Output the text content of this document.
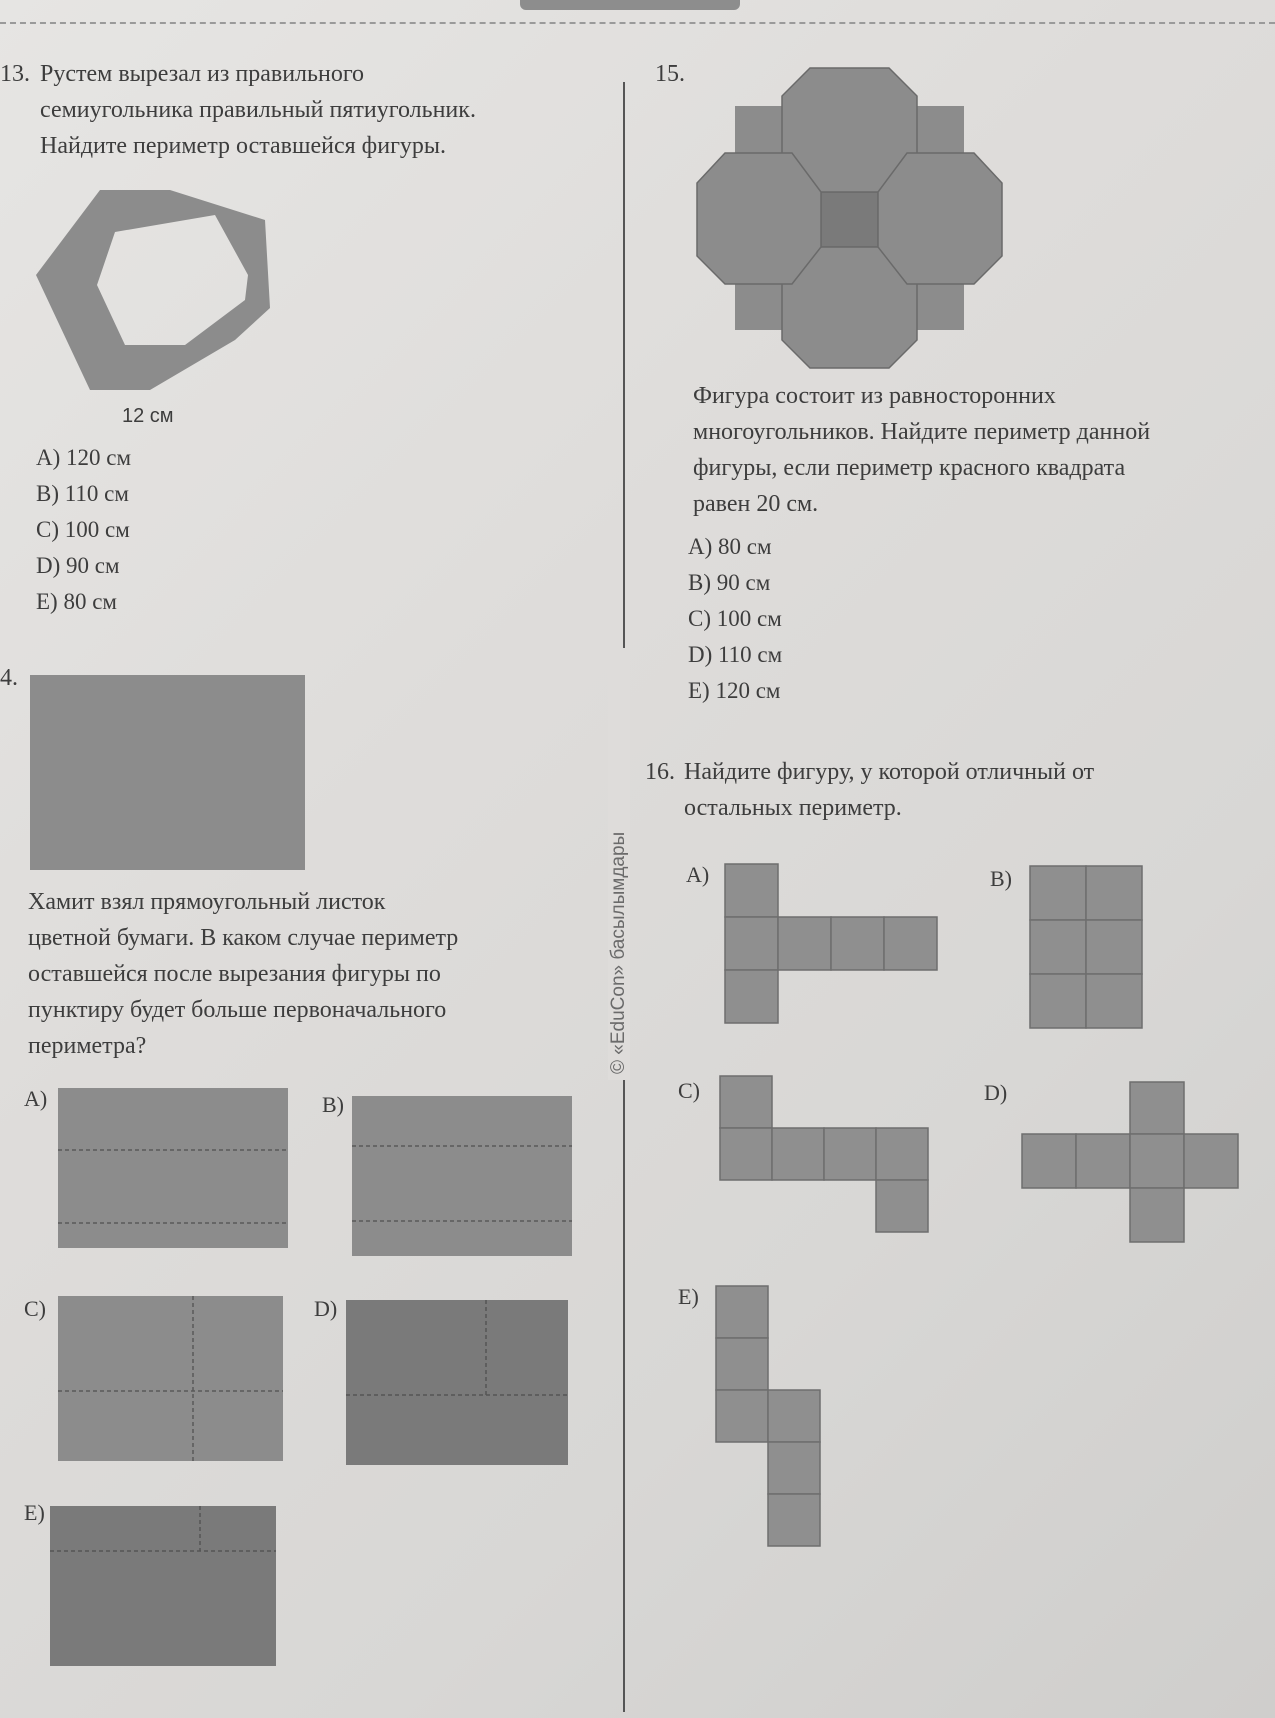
© «EduCon» басылымдары
13. Рустем вырезал из правильного
семиугольника правильный пятиугольник.
Найдите периметр оставшейся фигуры.
12 см
A) 120 см
B) 110 см
C) 100 см
D) 90 см
E) 80 см
4.
Хамит взял прямоугольный листок
цветной бумаги. В каком случае периметр
оставшейся после вырезания фигуры по
пунктиру будет больше первоначального
периметра?
A)	B)
C)	D)
E)
15.
Фигура состоит из равносторонних
многоугольников. Найдите периметр данной
фигуры, если периметр красного квадрата
равен 20 см.
A) 80 см
B) 90 см
C) 100 см
D) 110 см
E) 120 см
16. Найдите фигуру, у которой отличный от
остальных периметр.
A)	B)
C)	D)
E)
